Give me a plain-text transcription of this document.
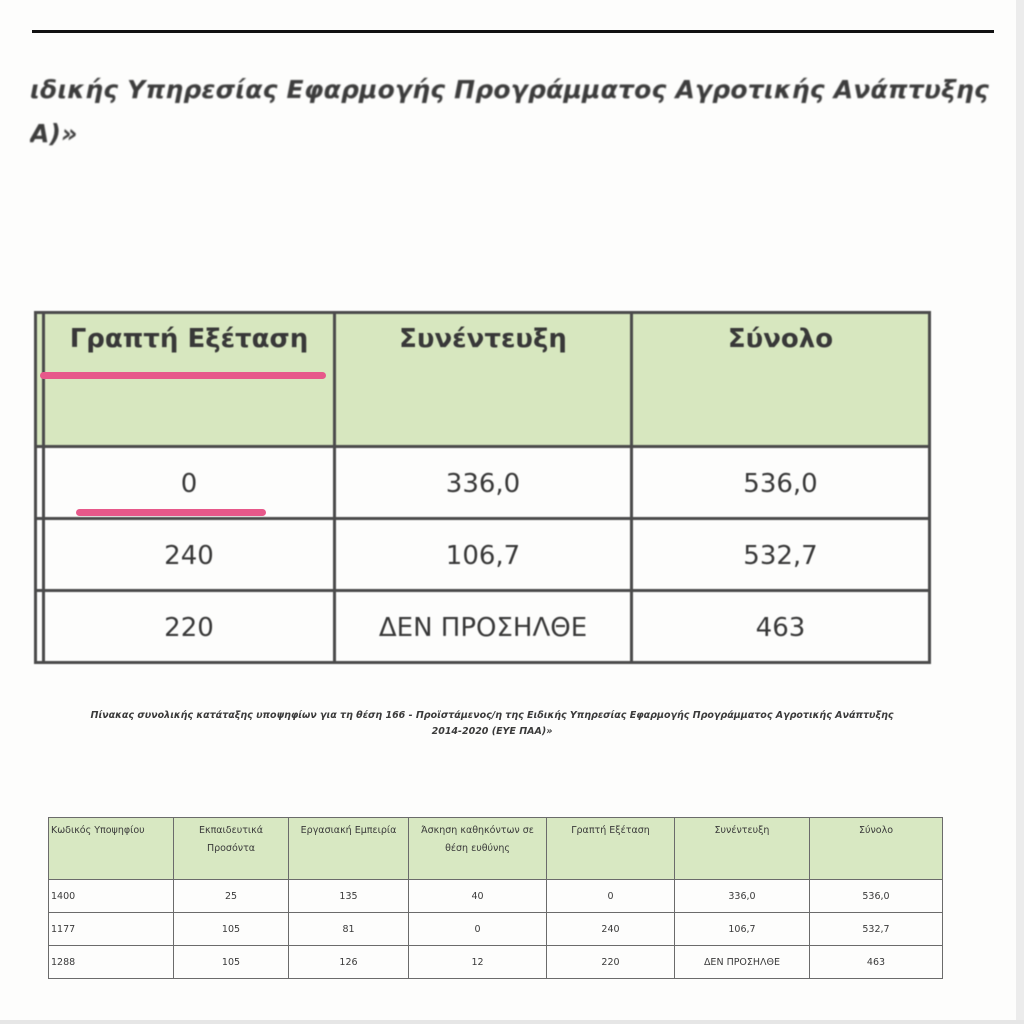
ιδικής Υπηρεσίας Εφαρμογής Προγράμματος Αγροτικής Ανάπτυξης
Α)»
	Γραπτή Εξέταση	Συνέντευξη	Σύνολο
	0	336,0	536,0
	240	106,7	532,7
	220	ΔΕΝ ΠΡΟΣΗΛΘΕ	463
Πίνακας συνολικής κατάταξης υποψηφίων για τη θέση 166 - Προϊστάμενος/η της Ειδικής Υπηρεσίας Εφαρμογής Προγράμματος Αγροτικής Ανάπτυξης
2014-2020 (ΕΥΕ ΠΑΑ)»
Κωδικός Υποψηφίου	Εκπαιδευτικά Προσόντα	Εργασιακή Εμπειρία	Άσκηση καθηκόντων σε θέση ευθύνης	Γραπτή Εξέταση	Συνέντευξη	Σύνολο
1400	25	135	40	0	336,0	536,0
1177	105	81	0	240	106,7	532,7
1288	105	126	12	220	ΔΕΝ ΠΡΟΣΗΛΘΕ	463
